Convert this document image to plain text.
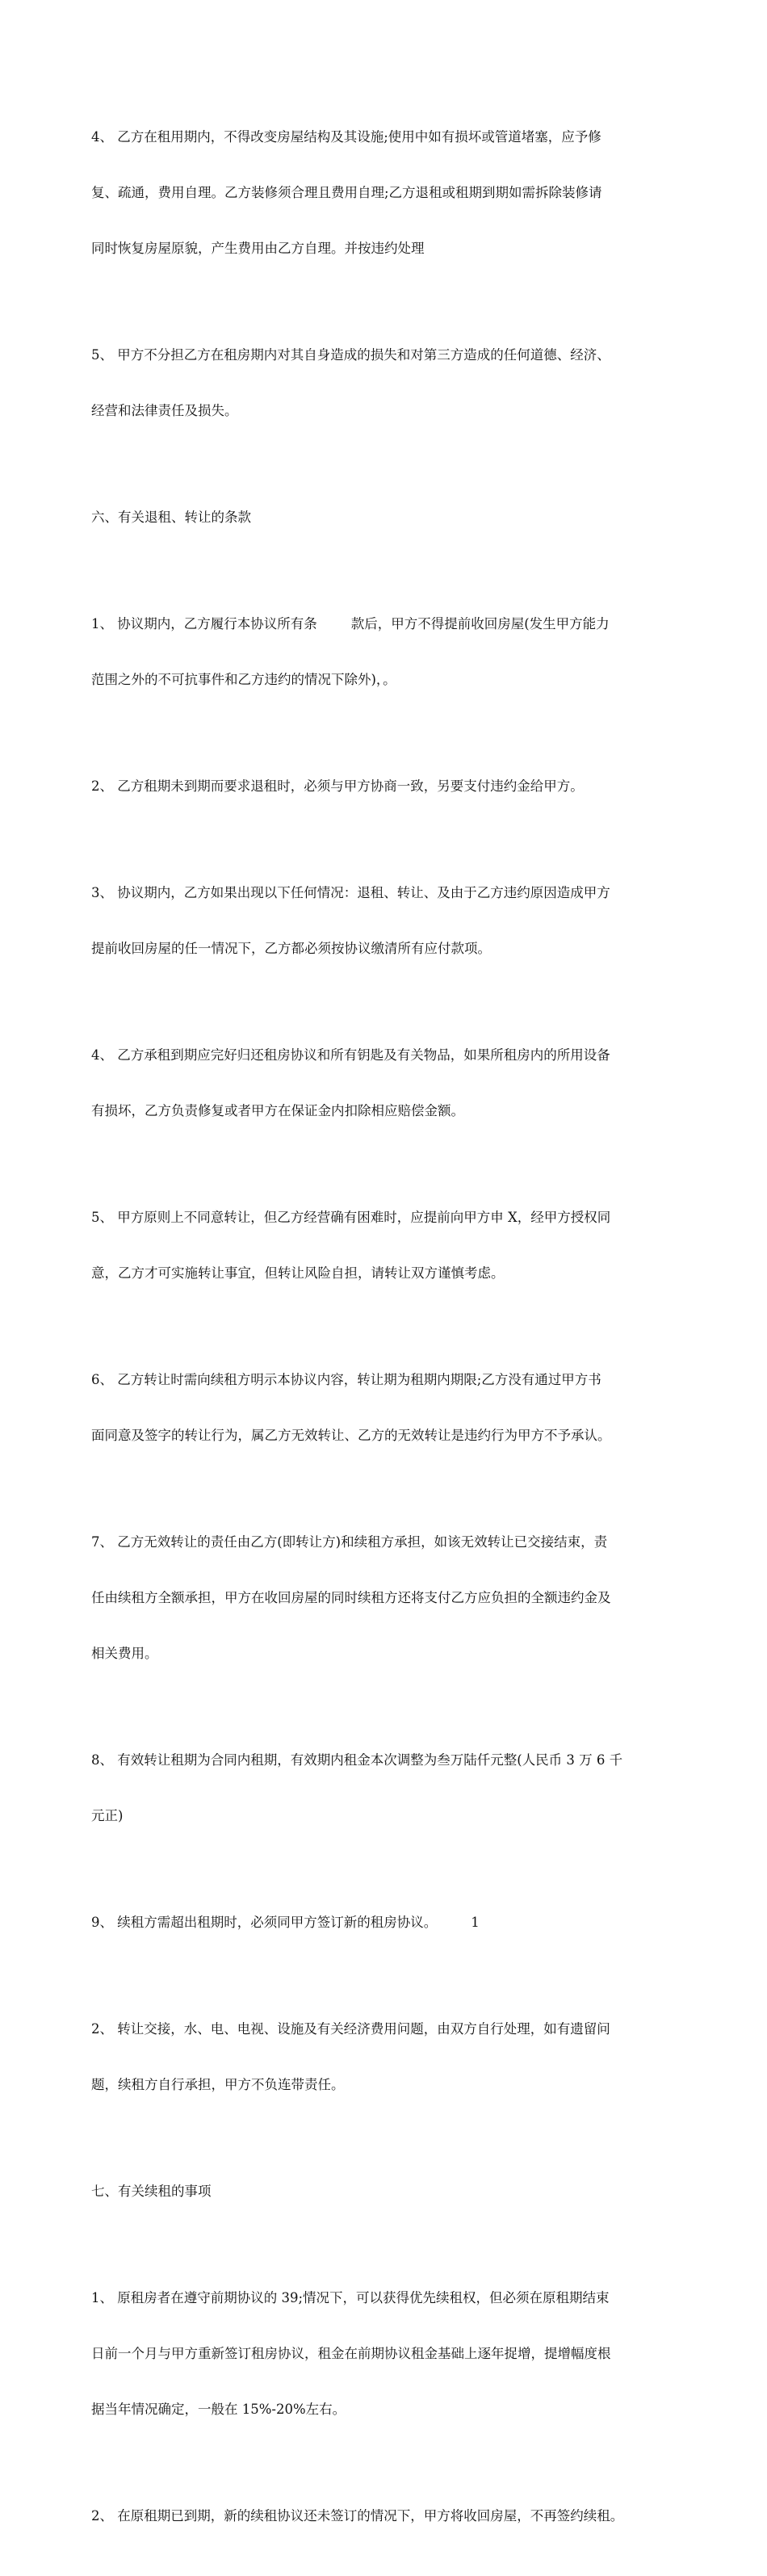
4、 乙方在租用期内，不得改变房屋结构及其设施;使用中如有损坏或管道堵塞，应予修

复、疏通，费用自理。乙方装修须合理且费用自理;乙方退租或租期到期如需拆除装修请

同时恢复房屋原貌，产生费用由乙方自理。并按违约处理

5、 甲方不分担乙方在租房期内对其自身造成的损失和对第三方造成的任何道德、经济、

经营和法律责任及损失。

六、有关退租、转让的条款

1、 协议期内，乙方履行本协议所有条        款后，甲方不得提前收回房屋(发生甲方能力

范围之外的不可抗事件和乙方违约的情况下除外)，。

2、 乙方租期未到期而要求退租时，必须与甲方协商一致，另要支付违约金给甲方。

3、 协议期内，乙方如果出现以下任何情况：退租、转让、及由于乙方违约原因造成甲方

提前收回房屋的任一情况下，乙方都必须按协议缴清所有应付款项。

4、 乙方承租到期应完好归还租房协议和所有钥匙及有关物品，如果所租房内的所用设备

有损坏，乙方负责修复或者甲方在保证金内扣除相应赔偿金额。

5、 甲方原则上不同意转让，但乙方经营确有困难时，应提前向甲方申 X，经甲方授权同

意，乙方才可实施转让事宜，但转让风险自担，请转让双方谨慎考虑。

6、 乙方转让时需向续租方明示本协议内容，转让期为租期内期限;乙方没有通过甲方书

面同意及签字的转让行为，属乙方无效转让、乙方的无效转让是违约行为甲方不予承认。

7、 乙方无效转让的责任由乙方(即转让方)和续租方承担，如该无效转让已交接结束，责

任由续租方全额承担，甲方在收回房屋的同时续租方还将支付乙方应负担的全额违约金及

相关费用。

8、 有效转让租期为合同内租期，有效期内租金本次调整为叁万陆仟元整(人民币 3 万 6 千

元正)

9、 续租方需超出租期时，必须同甲方签订新的租房协议。        1

2、 转让交接，水、电、电视、设施及有关经济费用问题，由双方自行处理，如有遗留问

题，续租方自行承担，甲方不负连带责任。

七、有关续租的事项

1、 原租房者在遵守前期协议的 39;情况下，可以获得优先续租权，但必须在原租期结束

日前一个月与甲方重新签订租房协议，租金在前期协议租金基础上逐年捉增，提增幅度根

据当年情况确定，一般在 15%-20%左右。

2、 在原租期已到期，新的续租协议还未签订的情况下，甲方将收回房屋，不再签约续租。
